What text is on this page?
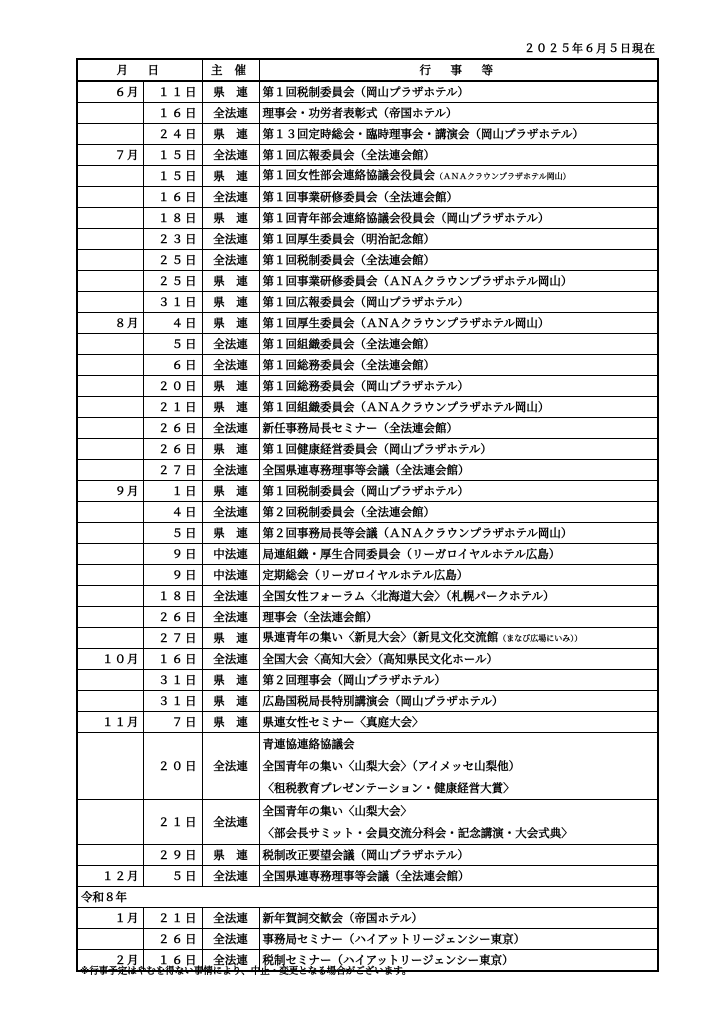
２０２５年６月５日現在
月　日		主 催	行　事　等
６月	１１日	県　連	第１回税制委員会（岡山プラザホテル）
	１６日	全法連	理事会・功労者表彰式（帝国ホテル）
	２４日	県　連	第１３回定時総会・臨時理事会・講演会（岡山プラザホテル）
７月	１５日	全法連	第１回広報委員会（全法連会館）
	１５日	県　連	第１回女性部会連絡協議会役員会（ＡＮＡクラウンプラザホテル岡山）
	１６日	全法連	第１回事業研修委員会（全法連会館）
	１８日	県　連	第１回青年部会連絡協議会役員会（岡山プラザホテル）
	２３日	全法連	第１回厚生委員会（明治記念館）
	２５日	全法連	第１回税制委員会（全法連会館）
	２５日	県　連	第１回事業研修委員会（ＡＮＡクラウンプラザホテル岡山）
	３１日	県　連	第１回広報委員会（岡山プラザホテル）
８月	４日	県　連	第１回厚生委員会（ＡＮＡクラウンプラザホテル岡山）
	５日	全法連	第１回組織委員会（全法連会館）
	６日	全法連	第１回総務委員会（全法連会館）
	２０日	県　連	第１回総務委員会（岡山プラザホテル）
	２１日	県　連	第１回組織委員会（ＡＮＡクラウンプラザホテル岡山）
	２６日	全法連	新任事務局長セミナー（全法連会館）
	２６日	県　連	第１回健康経営委員会（岡山プラザホテル）
	２７日	全法連	全国県連専務理事等会議（全法連会館）
９月	１日	県　連	第１回税制委員会（岡山プラザホテル）
	４日	全法連	第２回税制委員会（全法連会館）
	５日	県　連	第２回事務局長等会議（ＡＮＡクラウンプラザホテル岡山）
	９日	中法連	局連組織・厚生合同委員会（リーガロイヤルホテル広島）
	９日	中法連	定期総会（リーガロイヤルホテル広島）
	１８日	全法連	全国女性フォーラム〈北海道大会〉（札幌パークホテル）
	２６日	全法連	理事会（全法連会館）
	２７日	県　連	県連青年の集い〈新見大会〉（新見文化交流館（まなび広場にいみ））
１０月	１６日	全法連	全国大会〈高知大会〉（高知県民文化ホール）
	３１日	県　連	第２回理事会（岡山プラザホテル）
	３１日	県　連	広島国税局長特別講演会（岡山プラザホテル）
１１月	７日	県　連	県連女性セミナー〈真庭大会〉
	２０日	全法連	青連協連絡協議会
全国青年の集い〈山梨大会〉（アイメッセ山梨他）
〈租税教育プレゼンテーション・健康経営大賞〉

	２１日	全法連	全国青年の集い〈山梨大会〉
〈部会長サミット・会員交流分科会・記念講演・大会式典〉

	２９日	県　連	税制改正要望会議（岡山プラザホテル）
１２月	５日	全法連	全国県連専務理事等会議（全法連会館）
令和８年			
１月	２１日	全法連	新年賀詞交歓会（帝国ホテル）
	２６日	全法連	事務局セミナー（ハイアットリージェンシー東京）
２月	１６日	全法連	税制セミナー（ハイアットリージェンシー東京）
※行事予定はやむを得ない事情により、中止・変更となる場合がございます。
